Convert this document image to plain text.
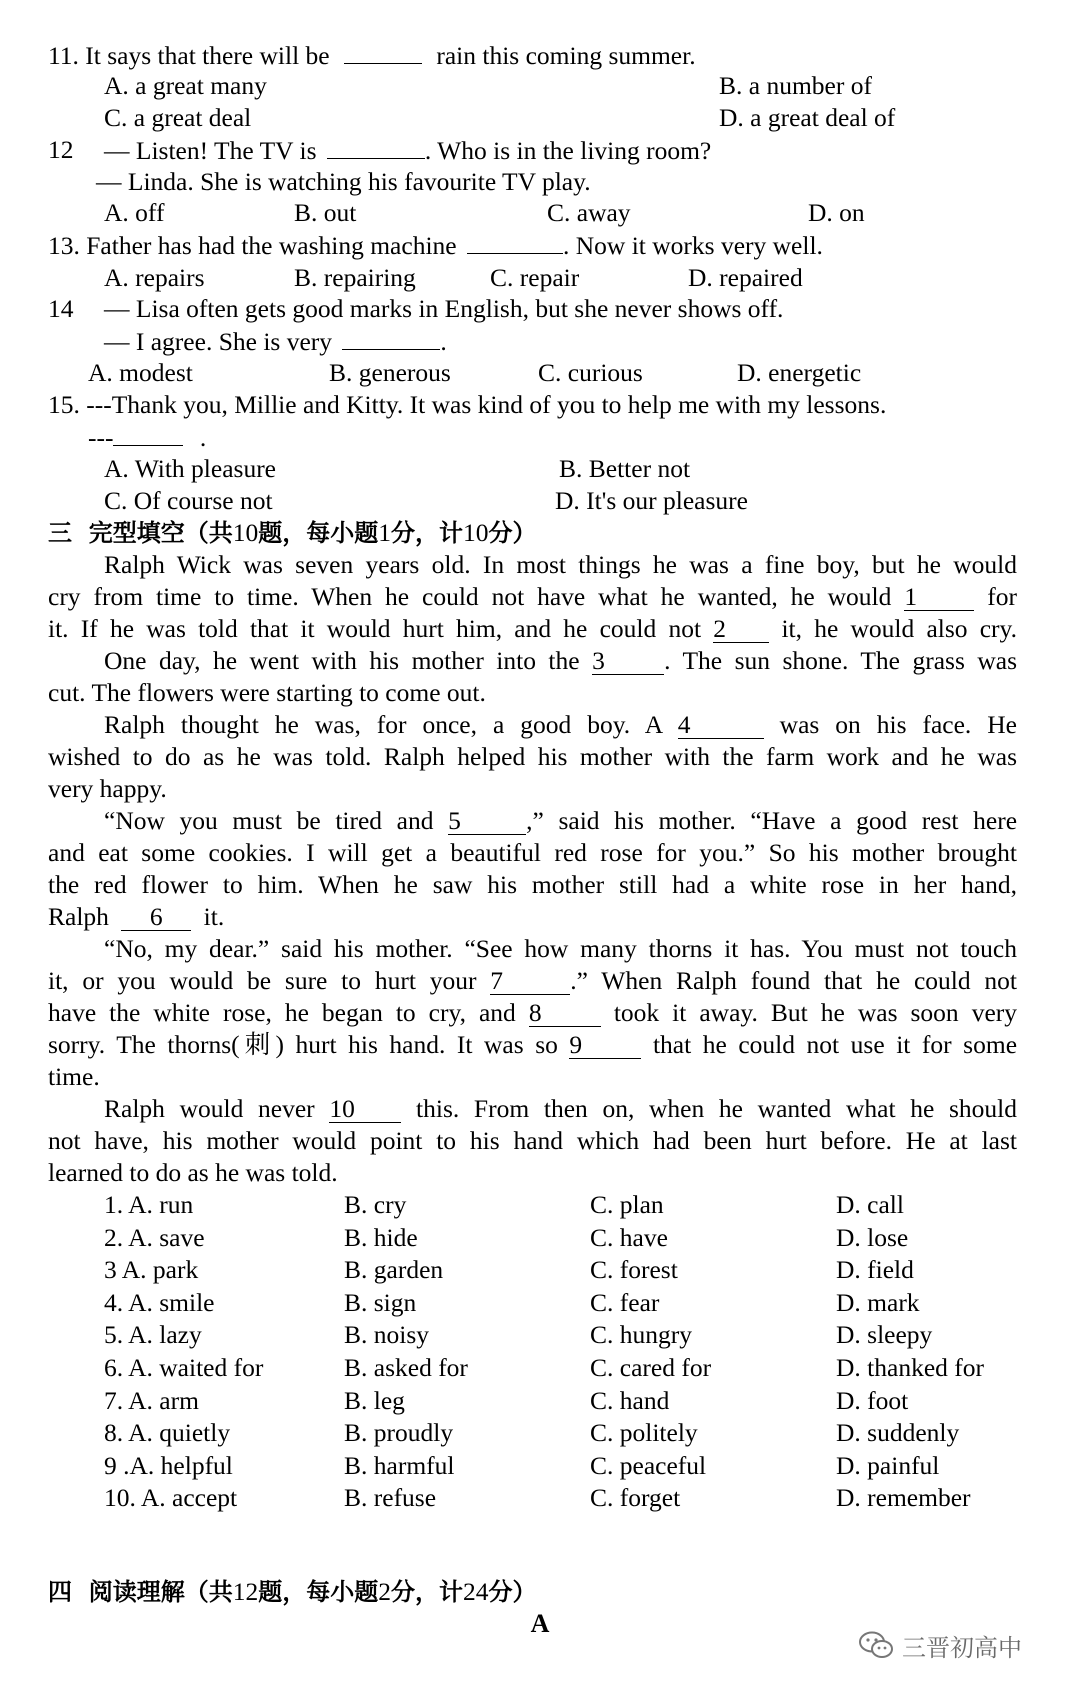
11. It says that there will be	rain this coming summer.
A. a great many	B. a number of
C. a great deal	D. a great deal of
12 — Listen! The TV is	. Who is in the living room?
— Linda. She is watching his favourite TV play.
A. off	B. out	C. away	D. on
13. Father has had the washing machine	. Now it works very well.
A. repairs	B. repairing	C. repair	D. repaired
14 — Lisa often gets good marks in English, but she never shows off.
— I agree. She is very	.
A. modest	B. generous	C. curious	D. energetic
15. ---Thank you, Millie and Kitty. It was kind of you to help me with my lessons.
---	.
A. With pleasure	B. Better not
C. Of course not	D. It's our pleasure
三 完型填空（共10题，每小题1分，计10分）
Ralph Wick was seven years old. In most things he was a fine boy, but he would
cry from time to time. When he could not have what he wanted, he would 1	for
it. If he was told that it would hurt him, and he could not 2 it, he would also cry.
One day, he went with his mother into the 3 . The sun shone. The grass was
cut. The flowers were starting to come out.
Ralph thought he was, for once, a good boy. A 4	was on his face. He
wished to do as he was told. Ralph helped his mother with the farm work and he was
very happy.
“Now you must be tired and 5	,” said his mother. “Have a good rest here
and eat some cookies. I will get a beautiful red rose for you.” So his mother brought
the red flower to him. When he saw his mother still had a white rose in her hand,
Ralph 6 it.
“No, my dear.” said his mother. “See how many thorns it has. You must not touch
it, or you would be sure to hurt your 7	.” When Ralph found that he could not
have the white rose, he began to cry, and 8	took it away. But he was soon very
sorry. The thorns(刺) hurt his hand. It was so 9	that he could not use it for some
time.
Ralph would never 10 this. From then on, when he wanted what he should
not have, his mother would point to his hand which had been hurt before. He at last
learned to do as he was told.
1. A. run	B. cry	C. plan	D. call
2. A. save	B. hide	C. have	D. lose
3 A. park	B. garden	C. forest	D. field
4. A. smile	B. sign	C. fear	D. mark
5. A. lazy	B. noisy	C. hungry	D. sleepy
6. A. waited for	B. asked for	C. cared for	D. thanked for
7. A. arm	B. leg	C. hand	D. foot
8. A. quietly	B. proudly	C. politely	D. suddenly
9 .A. helpful	B. harmful	C. peaceful	D. painful
10. A. accept	B. refuse	C. forget	D. remember
四 阅读理解（共12题，每小题2分，计24分）
A
三晋初高中
